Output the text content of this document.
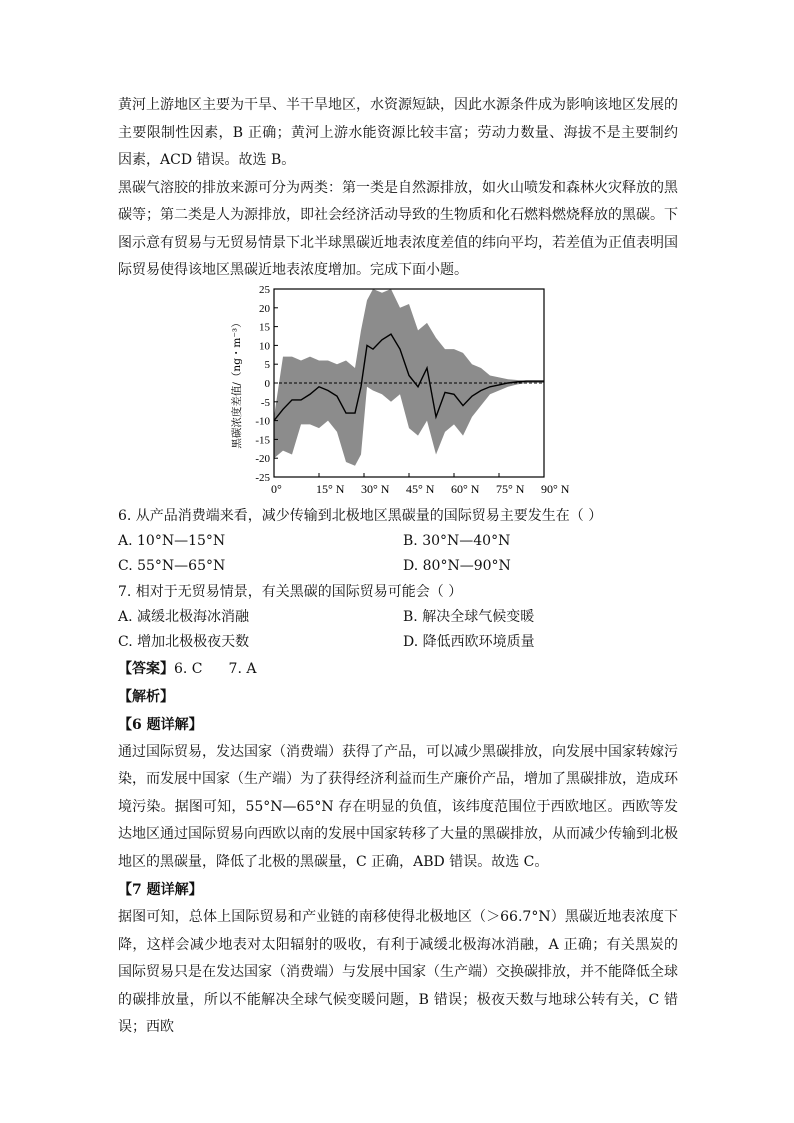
黄河上游地区主要为干旱、半干旱地区，水资源短缺，因此水源条件成为影响该地区发展的主要限制性因素，B 正确；黄河上游水能资源比较丰富；劳动力数量、海拔不是主要制约因素，ACD 错误。故选 B。

黑碳气溶胶的排放来源可分为两类：第一类是自然源排放，如火山喷发和森林火灾释放的黑碳等；第二类是人为源排放，即社会经济活动导致的生物质和化石燃料燃烧释放的黑碳。下图示意有贸易与无贸易情景下北半球黑碳近地表浓度差值的纬向平均，若差值为正值表明国际贸易使得该地区黑碳近地表浓度增加。完成下面小题。

25
20
15
10
5
0
-5
-10
-15
-20
-25
0°	15° N 30° N 45° N 60° N 75° N 90° N
黑碳浓度差值/（ng・m⁻³）

6. 从产品消费端来看，减少传输到北极地区黑碳量的国际贸易主要发生在（ ）

A. 10°N—15°N	B. 30°N—40°N
C. 55°N—65°N	D. 80°N—90°N

7. 相对于无贸易情景，有关黑碳的国际贸易可能会（ ）

A. 减缓北极海冰消融	B. 解决全球气候变暖
C. 增加北极极夜天数	D. 降低西欧环境质量

【答案】6. C 7. A

【解析】

【6 题详解】

通过国际贸易，发达国家（消费端）获得了产品，可以减少黑碳排放，向发展中国家转嫁污染，而发展中国家（生产端）为了获得经济利益而生产廉价产品，增加了黑碳排放，造成环境污染。据图可知，55°N—65°N 存在明显的负值，该纬度范围位于西欧地区。西欧等发达地区通过国际贸易向西欧以南的发展中国家转移了大量的黑碳排放，从而减少传输到北极地区的黑碳量，降低了北极的黑碳量，C 正确，ABD 错误。故选 C。

【7 题详解】

据图可知，总体上国际贸易和产业链的南移使得北极地区（＞66.7°N）黑碳近地表浓度下降，这样会减少地表对太阳辐射的吸收，有利于减缓北极海冰消融，A 正确；有关黑炭的国际贸易只是在发达国家（消费端）与发展中国家（生产端）交换碳排放，并不能降低全球的碳排放量，所以不能解决全球气候变暖问题，B 错误；极夜天数与地球公转有关，C 错误；西欧
